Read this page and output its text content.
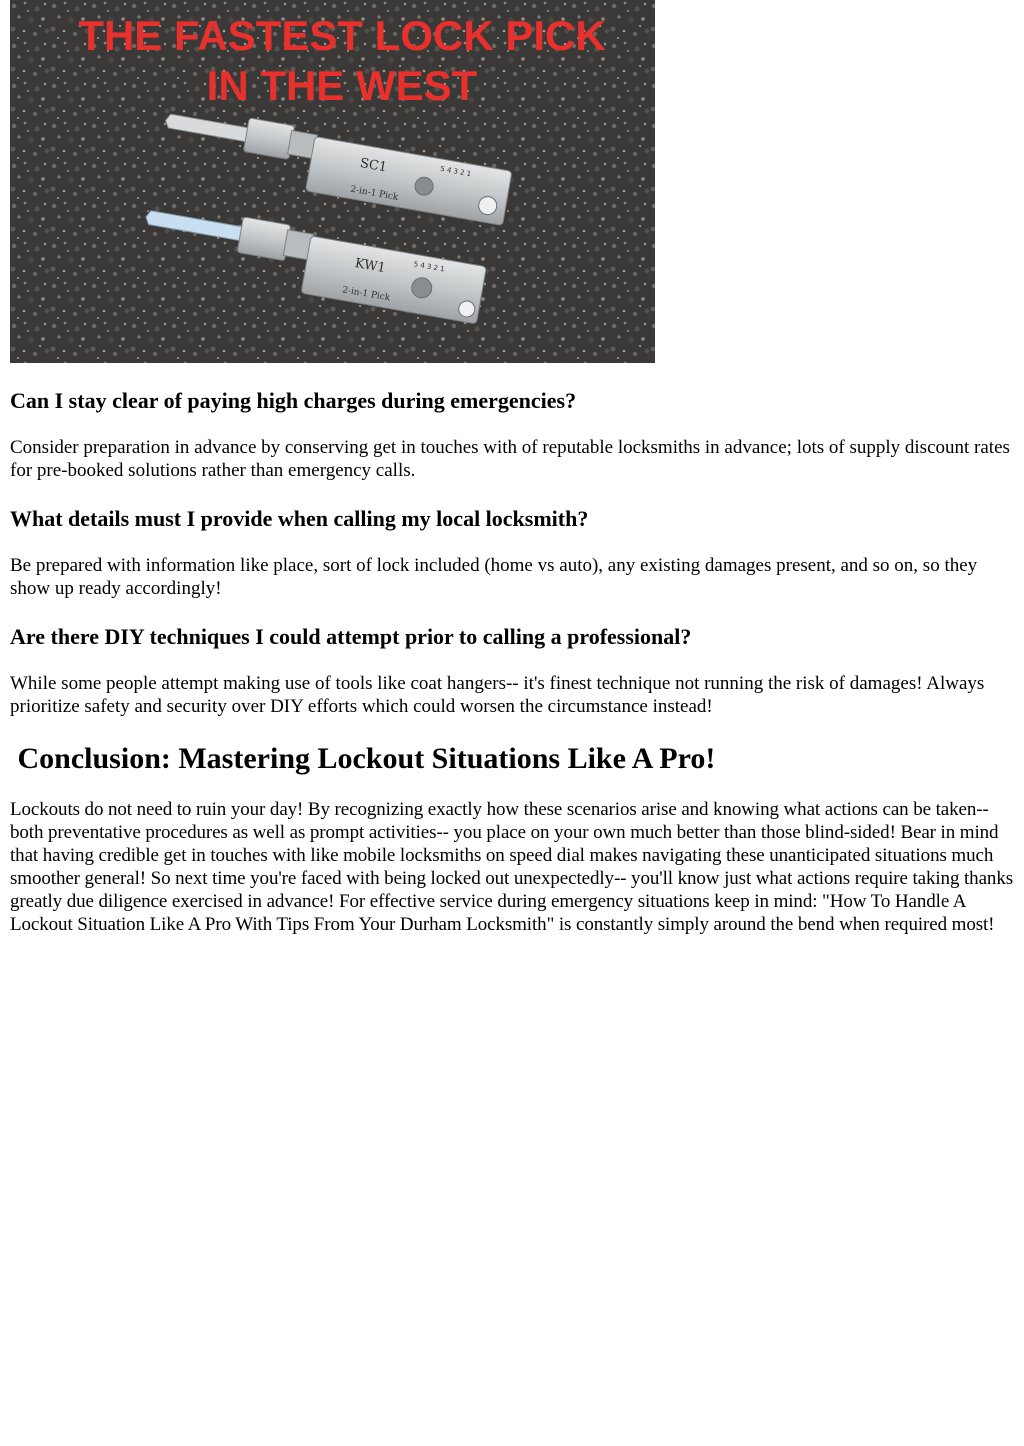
THE FASTEST LOCK PICK
IN THE WEST
SC1
2-in-1 Pick
5 4 3 2 1
KW1
2-in-1 Pick
5 4 3 2 1
Can I stay clear of paying high charges during emergencies?

Consider preparation in advance by conserving get in touches with of reputable locksmiths in advance; lots of supply discount rates for pre-booked solutions rather than emergency calls.

What details must I provide when calling my local locksmith?

Be prepared with information like place, sort of lock included (home vs auto), any existing damages present, and so on, so they show up ready accordingly!

Are there DIY techniques I could attempt prior to calling a professional?

While some people attempt making use of tools like coat hangers-- it's finest technique not running the risk of damages! Always prioritize safety and security over DIY efforts which could worsen the circumstance instead!

Conclusion: Mastering Lockout Situations Like A Pro!

Lockouts do not need to ruin your day! By recognizing exactly how these scenarios arise and knowing what actions can be taken-- both preventative procedures as well as prompt activities-- you place on your own much better than those blind-sided! Bear in mind that having credible get in touches with like mobile locksmiths on speed dial makes navigating these unanticipated situations much smoother general! So next time you're faced with being locked out unexpectedly-- you'll know just what actions require taking thanks greatly due diligence exercised in advance! For effective service during emergency situations keep in mind: "How To Handle A Lockout Situation Like A Pro With Tips From Your Durham Locksmith" is constantly simply around the bend when required most!
